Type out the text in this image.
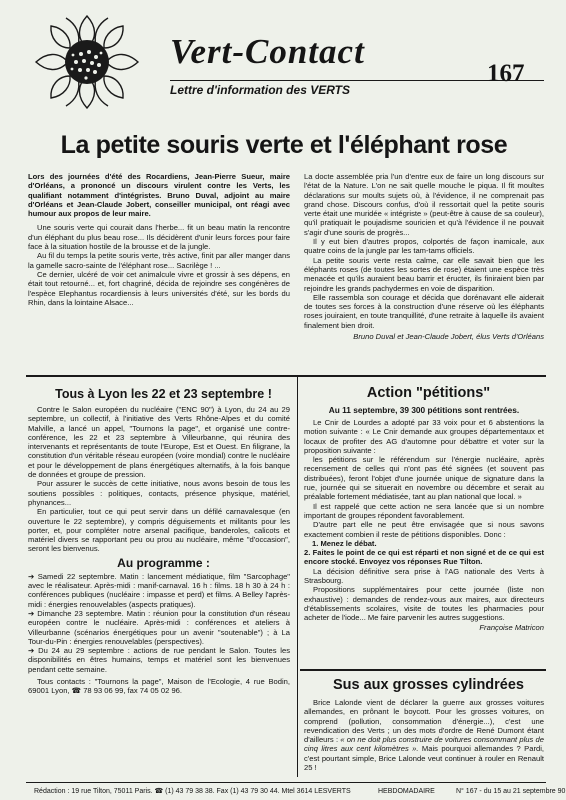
Vert-Contact
167
Lettre d'information des VERTS
La petite souris verte et l'éléphant rose

Lors des journées d'été des Rocardiens, Jean-Pierre Sueur, maire d'Orléans, a prononcé un discours virulent contre les Verts, les qualifiant notamment d'intégristes. Bruno Duval, adjoint au maire d'Orléans et Jean-Claude Jobert, conseiller municipal, ont réagi avec humour aux propos de leur maire.

Une souris verte qui courait dans l'herbe... fit un beau matin la rencontre d'un éléphant du plus beau rose... Ils décidèrent d'unir leurs forces pour faire face à la situation hostile de la brousse et de la jungle.

Au fil du temps la petite souris verte, très active, finit par aller manger dans la gamelle sacro-sainte de l'éléphant rose... Sacrilège ! ...

Ce dernier, ulcéré de voir cet animalcule vivre et grossir à ses dépens, en était tout retourné... et, fort chagriné, décida de rejoindre ses congénères de l'espèce Elephantus rocardiensis à leurs universités d'été, sur les bords du Rhin, dans la lointaine Alsace...

La docte assemblée pria l'un d'entre eux de faire un long discours sur l'état de la Nature. L'on ne sait quelle mouche le piqua. Il fit moultes déclarations sur moults sujets où, à l'évidence, il ne comprenait pas grand chose. Discours confus, d'où il ressortait quel la petite souris verte était une muridée « intégriste » (peut-être à cause de sa couleur), qu'il pratiquait le poujadisme souricien et qu'à l'évidence il ne pouvait s'agir d'une souris de progrès...

Il y eut bien d'autres propos, colportés de façon inamicale, aux quatre coins de la jungle par les tam-tams officiels.

La petite souris verte resta calme, car elle savait bien que les éléphants roses (de toutes les sortes de rose) étaient une espèce très menacée et qu'ils auraient beau barrir et éructer, ils finiraient bien par rejoindre les grands pachydermes en voie de disparition.

Elle rassembla son courage et décida que dorénavant elle aiderait de toutes ses forces à la construction d'une réserve où les éléphants roses jouiraient, en toute tranquillité, d'une retraite à laquelle ils avaient finalement bien droit.

Bruno Duval et Jean-Claude Jobert, élus Verts d'Orléans

Tous à Lyon les 22 et 23 septembre !

Contre le Salon européen du nucléaire ("ENC 90") à Lyon, du 24 au 29 septembre, un collectif, à l'initiative des Verts Rhône-Alpes et du comité Malville, a lancé un appel, "Tournons la page", et organisé une contre-conférence, les 22 et 23 septembre à Villeurbanne, qui réunira des intervenants et représentants de toute l'Europe, Est et Ouest. En filigrane, la constitution d'un véritable réseau européen (voire mondial) contre le nucléaire et pour le développement de plans énergétiques alternatifs, à la fois banque de données et groupe de pression.

Pour assurer le succès de cette initiative, nous avons besoin de tous les soutiens possibles : politiques, contacts, présence physique, matériel, phynances...

En particulier, tout ce qui peut servir dans un défilé carnavalesque (en ouverture le 22 septembre), y compris déguisements et militants pour les porter, et, pour compléter notre arsenal pacifique, banderoles, calicots et matériel divers se rapportant peu ou prou au nucléaire, même "d'occasion", seront les bienvenus.

Au programme :

➔ Samedi 22 septembre. Matin : lancement médiatique, film "Sarcophage" avec le réalisateur. Après-midi : manif-carnaval. 16 h : films. 18 h 30 à 24 h : conférences publiques (nucléaire : impasse et perd) et films. A Belley l'après-midi : énergies renouvelables (aspects pratiques).

➔ Dimanche 23 septembre. Matin : réunion pour la constitution d'un réseau européen contre le nucléaire. Après-midi : conférences et ateliers à Villeurbanne (scénarios énergétiques pour un avenir "soutenable") ; à La Tour-du-Pin : énergies renouvelables (perspectives).

➔ Du 24 au 29 septembre : actions de rue pendant le Salon. Toutes les disponibilités en êtres humains, temps et matériel sont les bienvenues pendant cette semaine.

Tous contacts : "Tournons la page", Maison de l'Ecologie, 4 rue Bodin, 69001 Lyon, ☎ 78 93 06 99, fax 74 05 02 96.

Action "pétitions"

Au 11 septembre, 39 300 pétitions sont rentrées.

Le Cnir de Lourdes a adopté par 33 voix pour et 6 abstentions la motion suivante : « Le Cnir demande aux groupes départementaux et locaux de profiter des AG d'automne pour débattre et voter sur la proposition suivante :

les pétitions sur le référendum sur l'énergie nucléaire, après recensement de celles qui n'ont pas été signées (et souvent pas distribuées), feront l'objet d'une journée unique de signature dans la rue, journée qui se situerait en novembre ou décembre et serait au préalable fortement médiatisée, tant au plan national que local. »

Il est rappelé que cette action ne sera lancée que si un nombre important de groupes répondent favorablement.

D'autre part elle ne peut être envisagée que si nous savons exactement combien il reste de pétitions disponibles. Donc :

1. Menez le débat.

2. Faites le point de ce qui est réparti et non signé et de ce qui est encore stocké. Envoyez vos réponses Rue Tilton.

La décision définitive sera prise à l'AG nationale des Verts à Strasbourg.

Propositions supplémentaires pour cette journée (liste non exhaustive) : demandes de rendez-vous aux maires, aux directeurs d'établissements scolaires, visite de toutes les pharmacies pour acheter de l'iode... Me faire parvenir les autres suggestions.

Françoise Matricon

Sus aux grosses cylindrées

Brice Lalonde vient de déclarer la guerre aux grosses voitures allemandes, en prônant le boycott. Pour les grosses voitures, on comprend (pollution, consommation d'énergie...), c'est une revendication des Verts ; un des mots d'ordre de René Dumont étant d'ailleurs : « on ne doit plus construire de voitures consommant plus de cinq litres aux cent kilomètres ». Mais pourquoi allemandes ? Pardi, c'est pourtant simple, Brice Lalonde veut continuer à rouler en Renault 25 !

Rédaction : 19 rue Tilton, 75011 Paris. ☎ (1) 43 79 38 38. Fax (1) 43 79 30 44. Mtel 3614 LESVERTS	HEBDOMADAIRE	N° 167 - du 15 au 21 septembre 90
